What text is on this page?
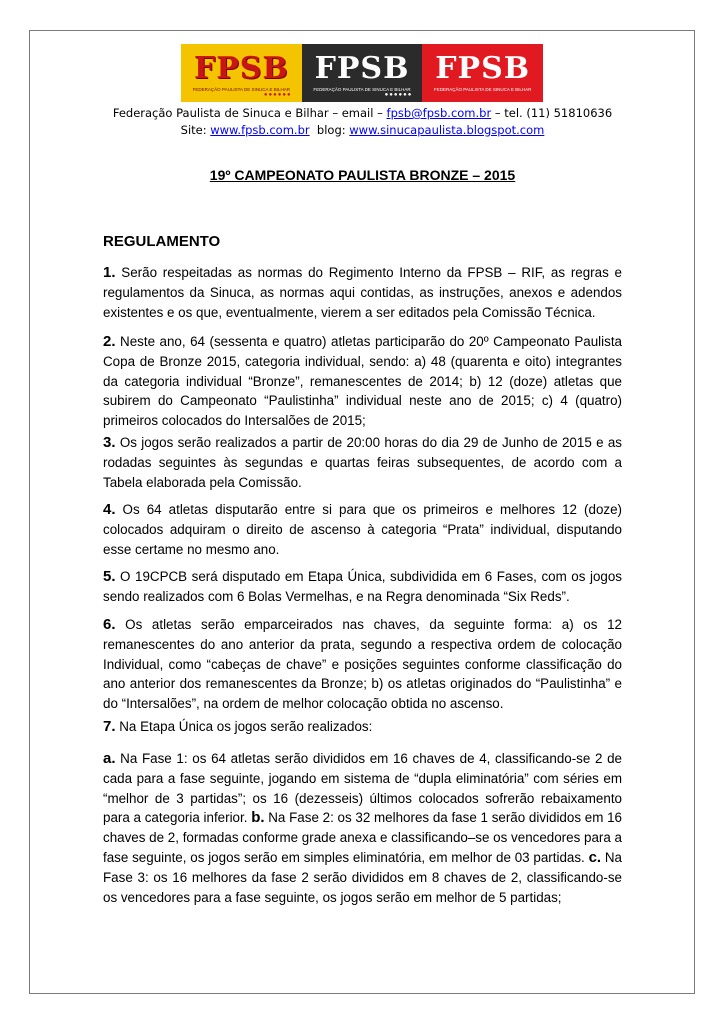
FPSB
FEDERAÇÃO PAULISTA DE SINUCA E BILHAR
●●●●●●
FPSB
FEDERAÇÃO PAULISTA DE SINUCA E BILHAR
●●●●●●
FPSB
FEDERAÇÃO PAULISTA DE SINUCA E BILHAR
Federação Paulista de Sinuca e Bilhar – email – fpsb@fpsb.com.br – tel. (11) 51810636
Site: www.fpsb.com.br  blog: www.sinucapaulista.blogspot.com
19º CAMPEONATO PAULISTA BRONZE – 2015
REGULAMENTO

1. Serão respeitadas as normas do Regimento Interno da FPSB – RIF, as regras e regulamentos da Sinuca, as normas aqui contidas, as instruções, anexos e adendos existentes e os que, eventualmente, vierem a ser editados pela Comissão Técnica.

2. Neste ano, 64 (sessenta e quatro) atletas participarão do 20º Campeonato Paulista Copa de Bronze 2015, categoria individual, sendo: a) 48 (quarenta e oito) integrantes da categoria individual “Bronze”, remanescentes de 2014; b) 12 (doze) atletas que subirem do Campeonato “Paulistinha” individual neste ano de 2015; c) 4 (quatro) primeiros colocados do Intersalões de 2015;

3. Os jogos serão realizados a partir de 20:00 horas do dia 29 de Junho de 2015 e as rodadas seguintes às segundas e quartas feiras subsequentes, de acordo com a Tabela elaborada pela Comissão.

4. Os 64 atletas disputarão entre si para que os primeiros e melhores 12 (doze) colocados adquiram o direito de ascenso à categoria “Prata” individual, disputando esse certame no mesmo ano.

5. O 19CPCB será disputado em Etapa Única, subdividida em 6 Fases, com os jogos sendo realizados com 6 Bolas Vermelhas, e na Regra denominada “Six Reds”.

6. Os atletas serão emparceirados nas chaves, da seguinte forma: a) os 12 remanescentes do ano anterior da prata, segundo a respectiva ordem de colocação Individual, como “cabeças de chave” e posições seguintes conforme classificação do ano anterior dos remanescentes da Bronze; b) os atletas originados do “Paulistinha” e do “Intersalões”, na ordem de melhor colocação obtida no ascenso.

7. Na Etapa Única os jogos serão realizados:

a. Na Fase 1: os 64 atletas serão divididos em 16 chaves de 4, classificando-se 2 de cada para a fase seguinte, jogando em sistema de “dupla eliminatória” com séries em “melhor de 3 partidas”; os 16 (dezesseis) últimos colocados sofrerão rebaixamento para a categoria inferior. b. Na Fase 2: os 32 melhores da fase 1 serão divididos em 16 chaves de 2, formadas conforme grade anexa e classificando–se os vencedores para a fase seguinte, os jogos serão em simples eliminatória, em melhor de 03 partidas. c. Na Fase 3: os 16 melhores da fase 2 serão divididos em 8 chaves de 2, classificando-se os vencedores para a fase seguinte, os jogos serão em melhor de 5 partidas;
